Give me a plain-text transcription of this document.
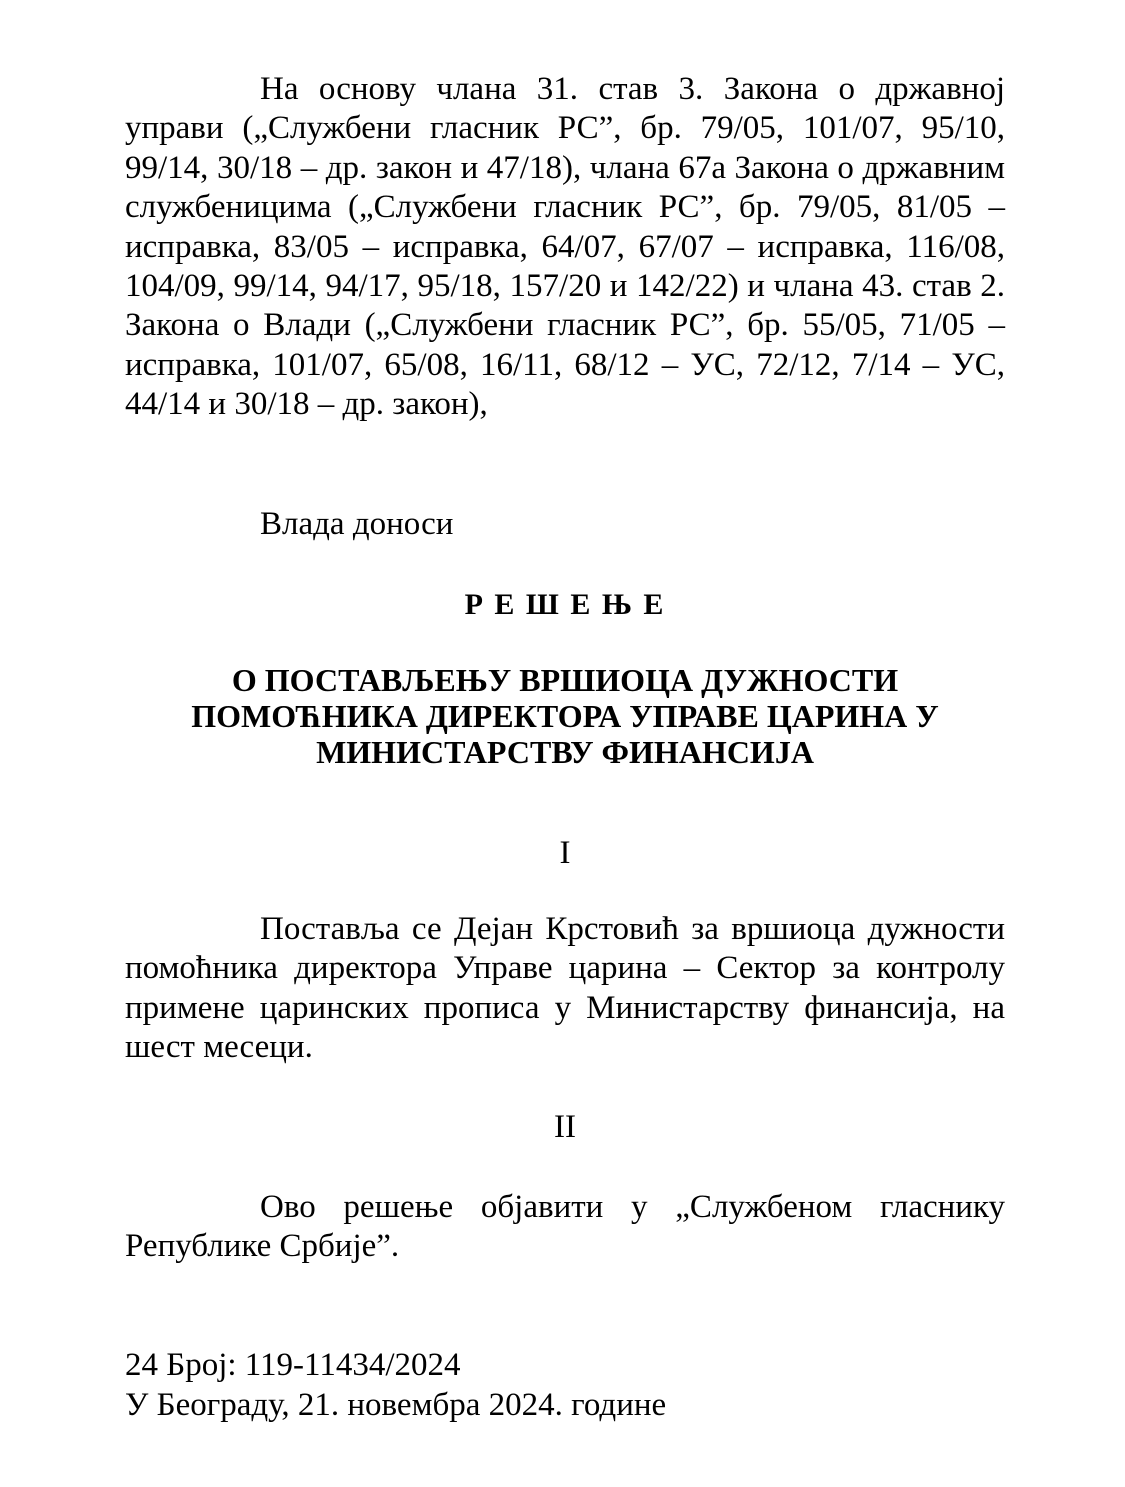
На основу члана 31. став 3. Закона о државној управи („Службени гласник РС”, бр. 79/05, 101/07, 95/10, 99/14, 30/18 – др. закон и 47/18), члана 67а Закона о државним службеницима („Службени гласник РС”, бр. 79/05, 81/05 – исправка, 83/05 – исправка, 64/07, 67/07 – исправка, 116/08, 104/09, 99/14, 94/17, 95/18, 157/20 и 142/22) и члана 43. став 2. Закона о Влади („Службени гласник РС”, бр. 55/05, 71/05 – исправка, 101/07, 65/08, 16/11, 68/12 – УС, 72/12, 7/14 – УС, 44/14 и 30/18 – др. закон),

Влада доноси

Р Е Ш Е Њ Е

О ПОСТАВЉЕЊУ ВРШИОЦА ДУЖНОСТИ
ПОМОЋНИКА ДИРЕКТОРА УПРАВЕ ЦАРИНА У
МИНИСТАРСТВУ ФИНАНСИЈА

I

Поставља се Дејан Крстовић за вршиоца дужности помоћника директора Управе царина – Сектор за контролу примене царинских прописа у Министарству финансија, на шест месеци.

II

Ово решење објавити у „Службеном гласнику Републике Србије”.

24 Број: 119-11434/2024

У Београду, 21. новембра 2024. године
